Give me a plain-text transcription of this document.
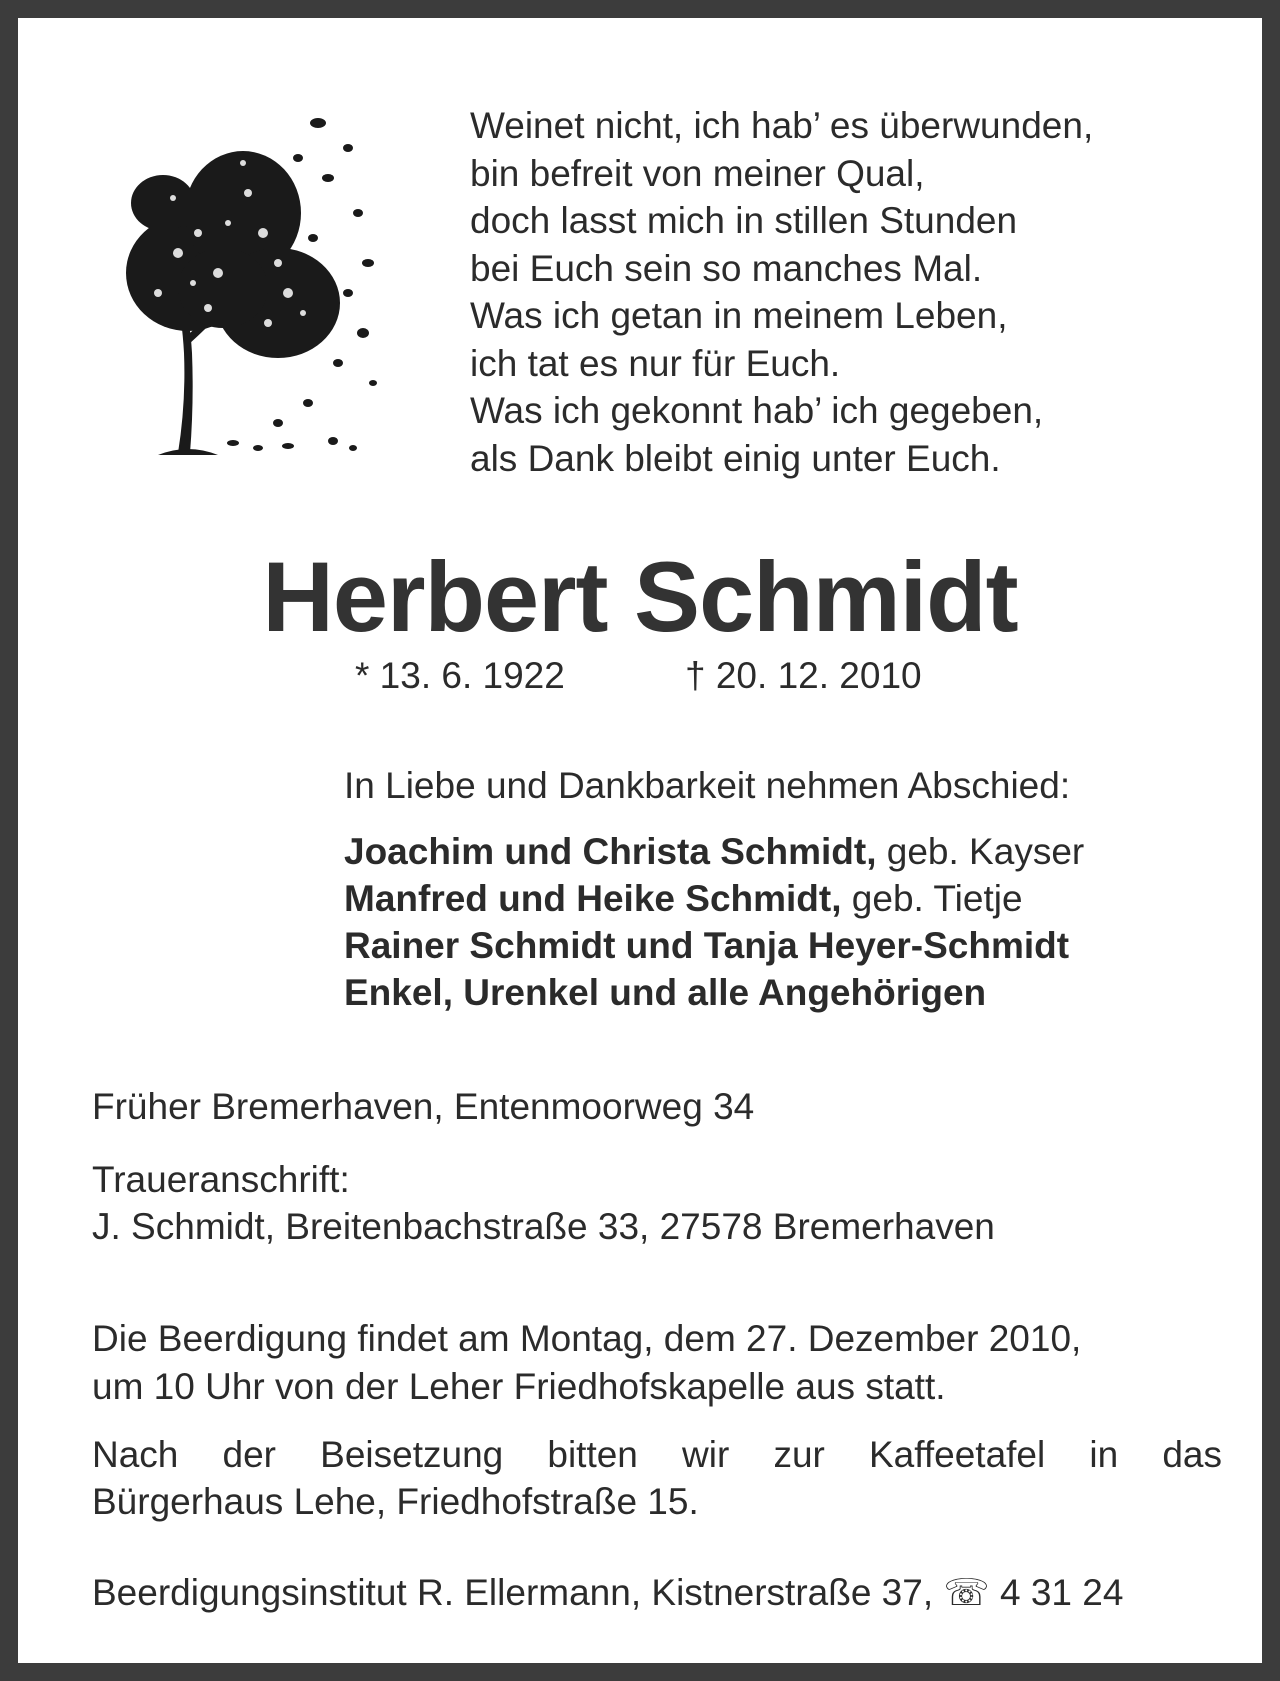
Weinet nicht, ich hab’ es überwunden,
bin befreit von meiner Qual,
doch lasst mich in stillen Stunden
bei Euch sein so manches Mal.
Was ich getan in meinem Leben,
ich tat es nur für Euch.
Was ich gekonnt hab’ ich gegeben,
als Dank bleibt einig unter Euch.
Herbert Schmidt
* 13. 6. 1922	† 20. 12. 2010
In Liebe und Dankbarkeit nehmen Abschied:
Joachim und Christa Schmidt, geb. Kayser
Manfred und Heike Schmidt, geb. Tietje
Rainer Schmidt und Tanja Heyer-Schmidt
Enkel, Urenkel und alle Angehörigen
Früher Bremerhaven, Entenmoorweg 34
Traueranschrift:
J. Schmidt, Breitenbachstraße 33, 27578 Bremerhaven
Die Beerdigung findet am Montag, dem 27. Dezember 2010,
um 10 Uhr von der Leher Friedhofskapelle aus statt.
Nach der Beisetzung bitten wir zur Kaffeetafel in das
Bürgerhaus Lehe, Friedhofstraße 15.
Beerdigungsinstitut R. Ellermann, Kistnerstraße 37, ☏ 4 31 24
